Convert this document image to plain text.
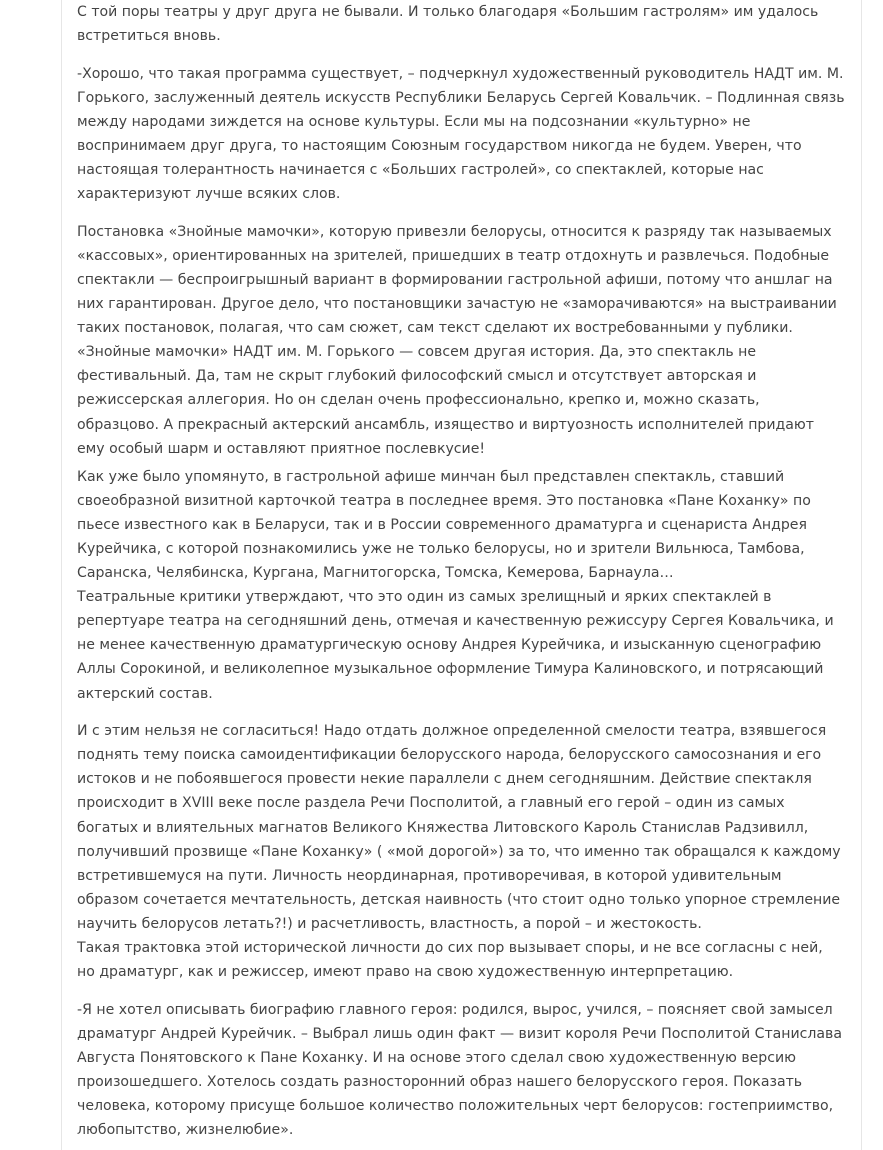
С той поры театры у друг друга не бывали. И только благодаря «Большим гастролям» им удалось встретиться вновь.

-Хорошо, что такая программа существует, – подчеркнул художественный руководитель НАДТ им. М. Горького, заслуженный деятель искусств Республики Беларусь Сергей Ковальчик. – Подлинная связь между народами зиждется на основе культуры. Если мы на подсознании «культурно» не воспринимаем друг друга, то настоящим Союзным государством никогда не будем. Уверен, что настоящая толерантность начинается с «Больших гастролей», со спектаклей, которые нас характеризуют лучше всяких слов.

Постановка «Знойные мамочки», которую привезли белорусы, относится к разряду так называемых «кассовых», ориентированных на зрителей, пришедших в театр отдохнуть и развлечься. Подобные спектакли — беспроигрышный вариант в формировании гастрольной афиши, потому что аншлаг на них гарантирован. Другое дело, что постановщики зачастую не «заморачиваются» на выстраивании таких постановок, полагая, что сам сюжет, сам текст сделают их востребованными у публики.
«Знойные мамочки» НАДТ им. М. Горького — совсем другая история. Да, это спектакль не фестивальный. Да, там не скрыт глубокий философский смысл и отсутствует авторская и режиссерская аллегория. Но он сделан очень профессионально, крепко и, можно сказать, образцово. А прекрасный актерский ансамбль, изящество и виртуозность исполнителей придают ему особый шарм и оставляют приятное послевкусие!

Как уже было упомянуто, в гастрольной афише минчан был представлен спектакль, ставший своеобразной визитной карточкой театра в последнее время. Это постановка «Пане Коханку» по пьесе известного как в Беларуси, так и в России современного драматурга и сценариста Андрея Курейчика, с которой познакомились уже не только белорусы, но и зрители Вильнюса, Тамбова, Саранска, Челябинска, Кургана, Магнитогорска, Томска, Кемерова, Барнаула…
Театральные критики утверждают, что это один из самых зрелищный и ярких спектаклей в репертуаре театра на сегодняшний день, отмечая и качественную режиссуру Сергея Ковальчика, и не менее качественную драматургическую основу Андрея Курейчика, и изысканную сценографию Аллы Сорокиной, и великолепное музыкальное оформление Тимура Калиновского, и потрясающий актерский состав.

И с этим нельзя не согласиться! Надо отдать должное определенной смелости театра, взявшегося поднять тему поиска самоидентификации белорусского народа, белорусского самосознания и его истоков и не побоявшегося провести некие параллели с днем сегодняшним. Действие спектакля происходит в XVIII веке после раздела Речи Посполитой, а главный его герой – один из самых богатых и влиятельных магнатов Великого Княжества Литовского Кароль Станислав Радзивилл, получивший прозвище «Пане Коханку» ( «мой дорогой») за то, что именно так обращался к каждому встретившемуся на пути. Личность неординарная, противоречивая, в которой удивительным образом сочетается мечтательность, детская наивность (что стоит одно только упорное стремление научить белорусов летать?!) и расчетливость, властность, а порой – и жестокость.
Такая трактовка этой исторической личности до сих пор вызывает споры, и не все согласны с ней, но драматург, как и режиссер, имеют право на свою художественную интерпретацию.

-Я не хотел описывать биографию главного героя: родился, вырос, учился, – поясняет свой замысел драматург Андрей Курейчик. – Выбрал лишь один факт — визит короля Речи Посполитой Станислава Августа Понятовского к Пане Коханку. И на основе этого сделал свою художественную версию произошедшего. Хотелось создать разносторонний образ нашего белорусского героя. Показать человека, которому присуще большое количество положительных черт белорусов: гостеприимство, любопытство, жизнелюбие».
